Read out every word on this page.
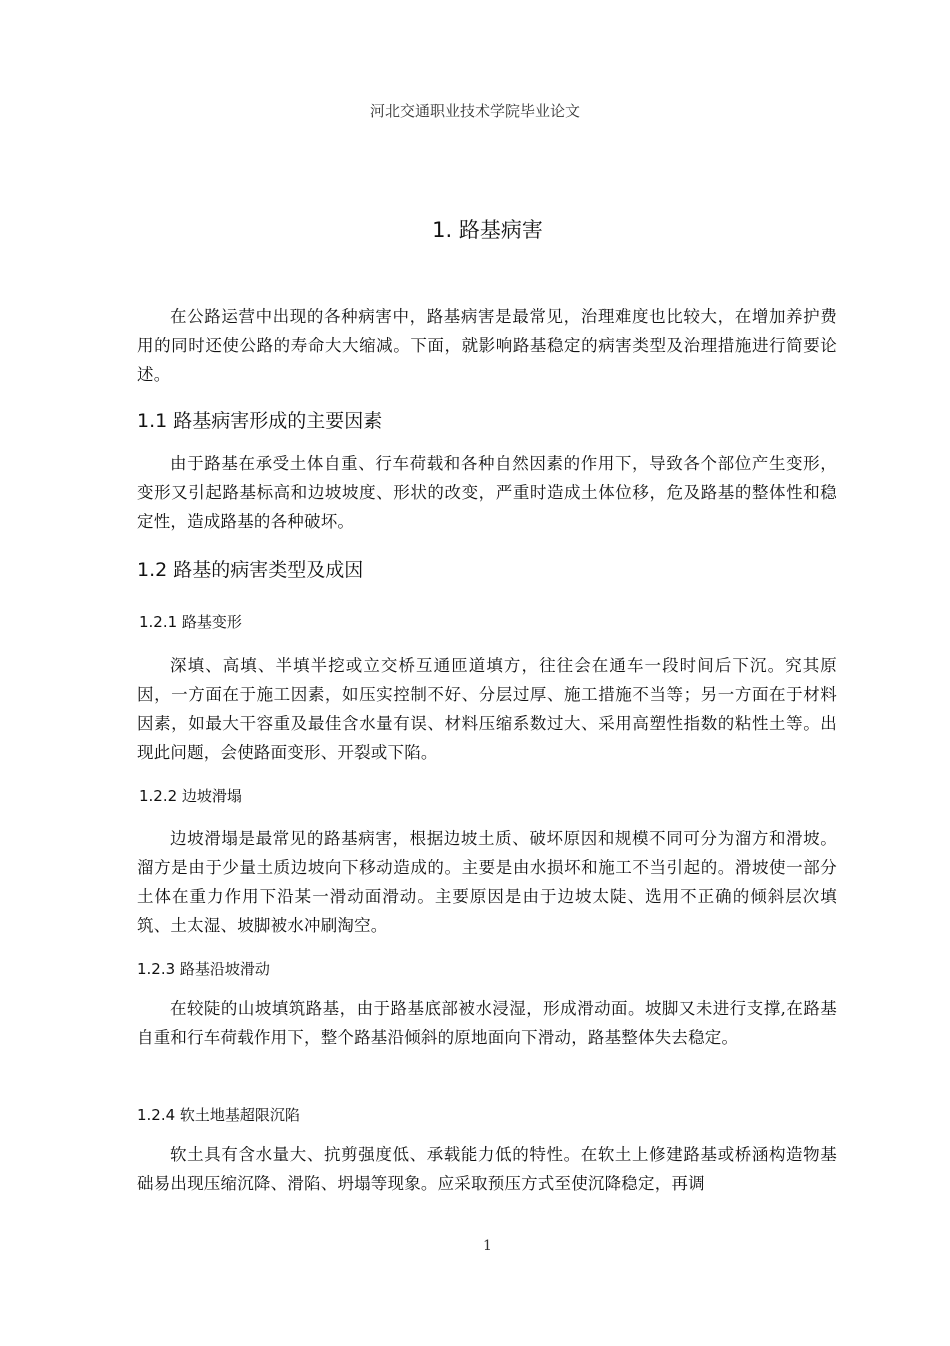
河北交通职业技术学院毕业论文
1. 路基病害

在公路运营中出现的各种病害中，路基病害是最常见，治理难度也比较大，在增加养护费用的同时还使公路的寿命大大缩减。下面，就影响路基稳定的病害类型及治理措施进行简要论述。

1.1 路基病害形成的主要因素

由于路基在承受土体自重、行车荷载和各种自然因素的作用下，导致各个部位产生变形，变形又引起路基标高和边坡坡度、形状的改变，严重时造成土体位移，危及路基的整体性和稳定性，造成路基的各种破坏。

1.2 路基的病害类型及成因
1.2.1 路基变形

深填、高填、半填半挖或立交桥互通匝道填方，往往会在通车一段时间后下沉。究其原因，一方面在于施工因素，如压实控制不好、分层过厚、施工措施不当等；另一方面在于材料因素，如最大干容重及最佳含水量有误、材料压缩系数过大、采用高塑性指数的粘性土等。出现此问题，会使路面变形、开裂或下陷。

1.2.2 边坡滑塌

边坡滑塌是最常见的路基病害，根据边坡土质、破坏原因和规模不同可分为溜方和滑坡。溜方是由于少量土质边坡向下移动造成的。主要是由水损坏和施工不当引起的。滑坡使一部分土体在重力作用下沿某一滑动面滑动。主要原因是由于边坡太陡、选用不正确的倾斜层次填筑、土太湿、坡脚被水冲刷淘空。

1.2.3 路基沿坡滑动

在较陡的山坡填筑路基，由于路基底部被水浸湿，形成滑动面。坡脚又未进行支撑,在路基自重和行车荷载作用下，整个路基沿倾斜的原地面向下滑动，路基整体失去稳定。

1.2.4 软土地基超限沉陷

软土具有含水量大、抗剪强度低、承载能力低的特性。在软土上修建路基或桥涵构造物基础易出现压缩沉降、滑陷、坍塌等现象。应采取预压方式至使沉降稳定，再调

1
